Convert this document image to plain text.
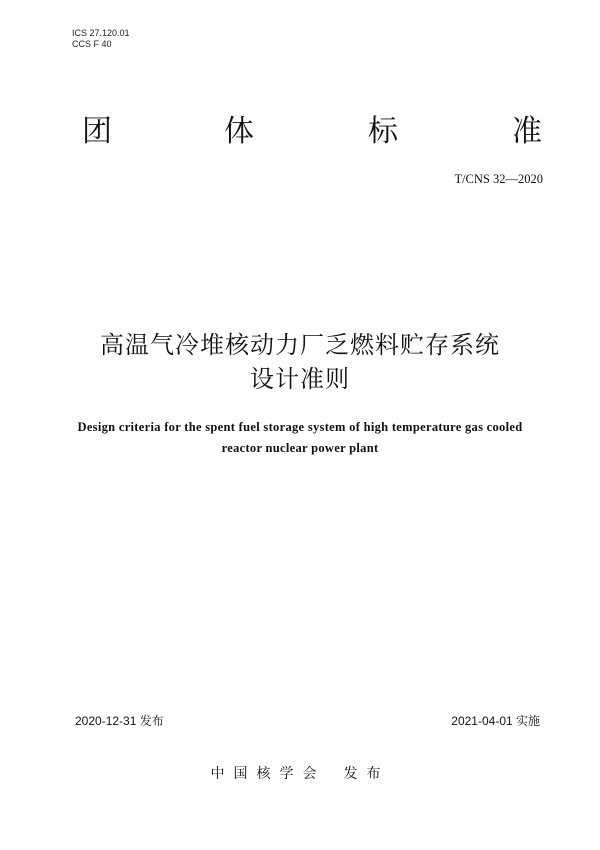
ICS 27.120.01
CCS F 40
团	体	标	准
T/CNS 32—2020
高温气冷堆核动力厂乏燃料贮存系统
设计准则
Design criteria for the spent fuel storage system of high temperature gas cooled
reactor nuclear power plant
2020-12-31 发布	2021-04-01 实施
中国核学会 发布
